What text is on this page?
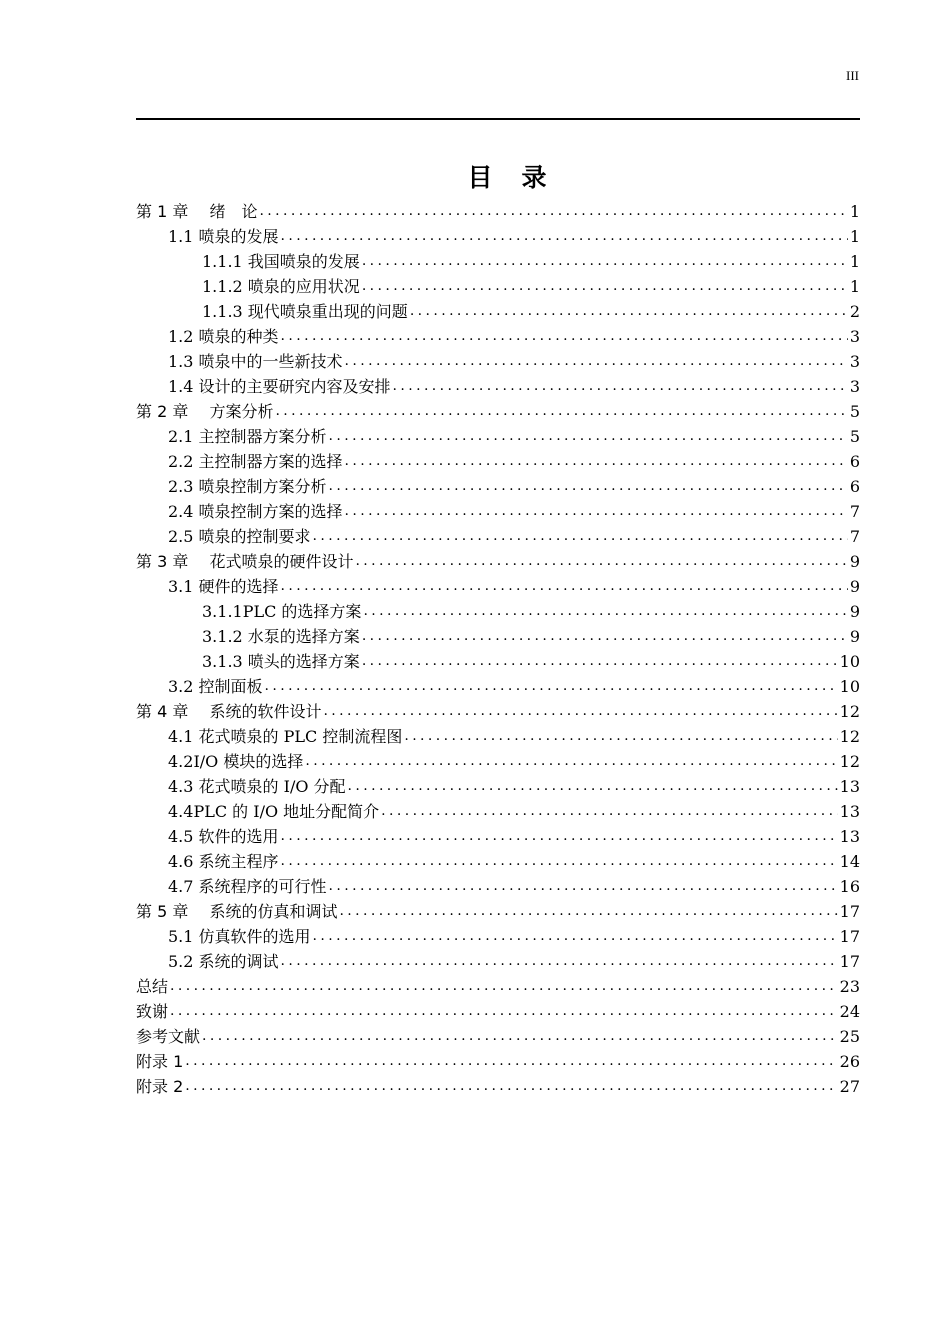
III
目　录
第 1 章　 绪　论 .....	1
1.1 喷泉的发展 .....	1
1.1.1 我国喷泉的发展 .....	1
1.1.2 喷泉的应用状况 .....	1
1.1.3 现代喷泉重出现的问题 .....	2
1.2 喷泉的种类 .....	3
1.3 喷泉中的一些新技术 .....	3
1.4 设计的主要研究内容及安排 .....	3
第 2 章　 方案分析 .....	5
2.1 主控制器方案分析 .....	5
2.2 主控制器方案的选择 .....	6
2.3 喷泉控制方案分析 .....	6
2.4 喷泉控制方案的选择 .....	7
2.5 喷泉的控制要求 .....	7
第 3 章　 花式喷泉的硬件设计 .....	9
3.1 硬件的选择 .....	9
3.1.1PLC 的选择方案 .....	9
3.1.2 水泵的选择方案 .....	9
3.1.3 喷头的选择方案 .....	10
3.2 控制面板 .....	10
第 4 章　 系统的软件设计 .....	12
4.1 花式喷泉的 PLC 控制流程图 .....	12
4.2I/O 模块的选择 .....	12
4.3 花式喷泉的 I/O 分配 .....	13
4.4PLC 的 I/O 地址分配简介 .....	13
4.5 软件的选用 .....	13
4.6 系统主程序 .....	14
4.7 系统程序的可行性 .....	16
第 5 章　 系统的仿真和调试 .....	17
5.1 仿真软件的选用 .....	17
5.2 系统的调试 .....	17
总结 .....	23
致谢 .....	24
参考文献 .....	25
附录 1 .....	26
附录 2 .....	27
